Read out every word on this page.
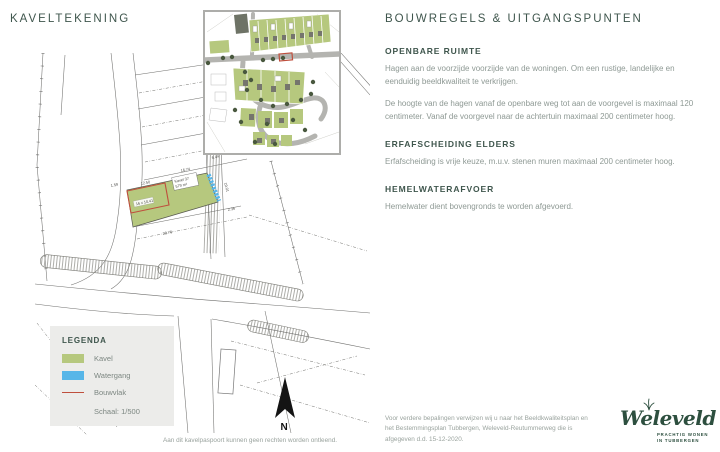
KAVELTEKENING
Kavel 37
579 m²
16 x 10,41
12.50
16.74
29.76
1.59
6.44
19.01
2.36
LEGENDA
Kavel
Watergang
Bouwvlak
Schaal: 1/500
N
Aan dit kavelpaspoort kunnen geen rechten worden ontleend.
BOUWREGELS & UITGANGSPUNTEN
OPENBARE RUIMTE

Hagen aan de voorzijde voorzijde van de woningen. Om een rustige, landelijke en eenduidig beeldkwaliteit te verkrijgen.

De hoogte van de hagen vanaf de openbare weg tot aan de voorgevel is maximaal 120 centimeter. Vanaf de voorgevel naar de achtertuin maximaal 200 centimeter hoog.

ERFAFSCHEIDING ELDERS

Erfafscheiding is vrije keuze, m.u.v. stenen muren maximaal 200 centimeter hoog.

HEMELWATERAFVOER

Hemelwater dient bovengronds te worden afgevoerd.

Voor verdere bepalingen verwijzen wij u naar het Beeldkwaliteitsplan en het Bestemmingsplan Tubbergen, Weleveld-Reutummerweg die is afgegeven d.d. 15-12-2020.
Weleveld
PRACHTIG WONEN
IN TUBBERGEN
